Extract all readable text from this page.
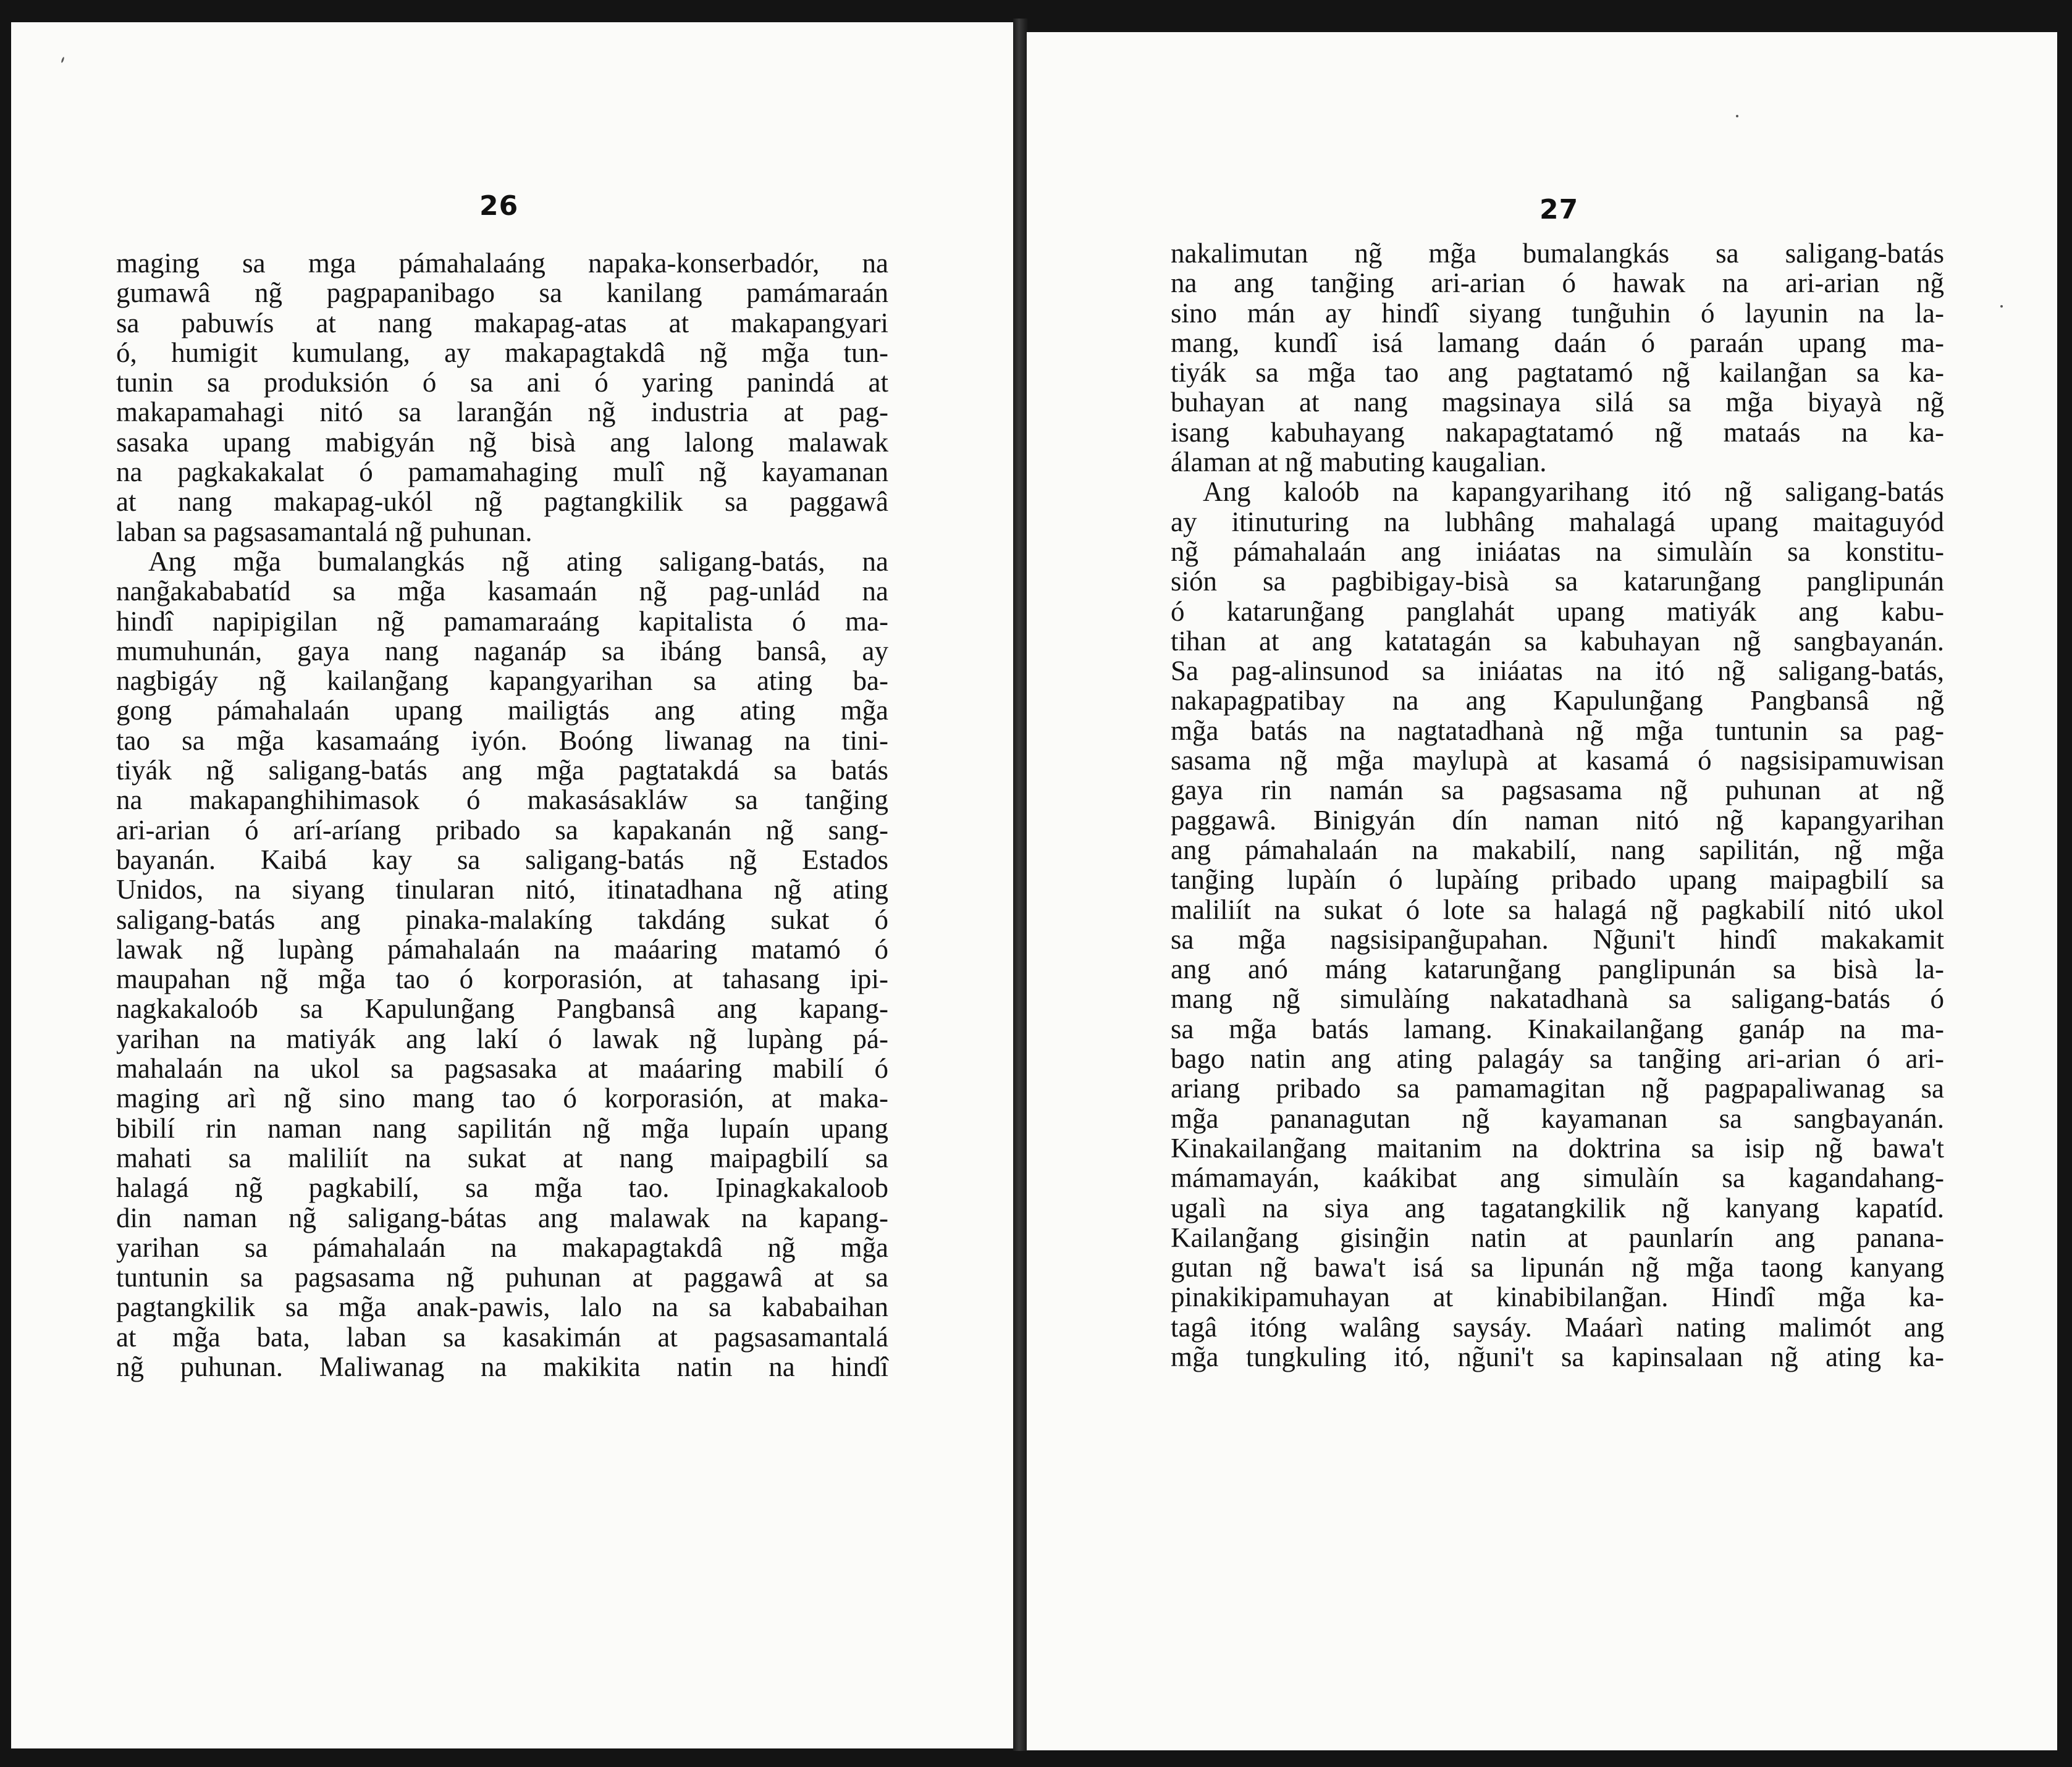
26
maging sa mga pámahalaáng napaka-konserbadór, na
gumawâ ng̃ pagpapanibago sa kanilang pamámaraán
sa pabuwís at nang makapag-atas at makapangyari
ó, humigit kumulang, ay makapagtakdâ ng̃ mg̃a tun-
tunin sa produksión ó sa ani ó yaring panindá at
makapamahagi nitó sa larang̃án ng̃ industria at pag-
sasaka upang mabigyán ng̃ bisà ang lalong malawak
na pagkakakalat ó pamamahaging mulî ng̃ kayamanan
at nang makapag-ukól ng̃ pagtangkilik sa paggawâ
laban sa pagsasamantalá ng̃ puhunan.
Ang mg̃a bumalangkás ng̃ ating saligang-batás, na
nang̃akababatíd sa mg̃a kasamaán ng̃ pag-unlád na
hindî napipigilan ng̃ pamamaraáng kapitalista ó ma-
mumuhunán, gaya nang naganáp sa ibáng bansâ, ay
nagbigáy ng̃ kailang̃ang kapangyarihan sa ating ba-
gong pámahalaán upang mailigtás ang ating mg̃a
tao sa mg̃a kasamaáng iyón. Boóng liwanag na tini-
tiyák ng̃ saligang-batás ang mg̃a pagtatakdá sa batás
na makapanghihimasok ó makasásakláw sa tang̃ing
ari-arian ó arí-aríang pribado sa kapakanán ng̃ sang-
bayanán. Kaibá kay sa saligang-batás ng̃ Estados
Unidos, na siyang tinularan nitó, itinatadhana ng̃ ating
saligang-batás ang pinaka-malakíng takdáng sukat ó
lawak ng̃ lupàng pámahalaán na maáaring matamó ó
maupahan ng̃ mg̃a tao ó korporasión, at tahasang ipi-
nagkakaloób sa Kapulung̃ang Pangbansâ ang kapang-
yarihan na matiyák ang lakí ó lawak ng̃ lupàng pá-
mahalaán na ukol sa pagsasaka at maáaring mabilí ó
maging arì ng̃ sino mang tao ó korporasión, at maka-
bibilí rin naman nang sapilitán ng̃ mg̃a lupaín upang
mahati sa maliliít na sukat at nang maipagbilí sa
halagá ng̃ pagkabilí, sa mg̃a tao. Ipinagkakaloob
din naman ng̃ saligang-bátas ang malawak na kapang-
yarihan sa pámahalaán na makapagtakdâ ng̃ mg̃a
tuntunin sa pagsasama ng̃ puhunan at paggawâ at sa
pagtangkilik sa mg̃a anak-pawis, lalo na sa kababaihan
at mg̃a bata, laban sa kasakimán at pagsasamantalá
ng̃ puhunan. Maliwanag na makikita natin na hindî
27
nakalimutan ng̃ mg̃a bumalangkás sa saligang-batás
na ang tang̃ing ari-arian ó hawak na ari-arian ng̃
sino mán ay hindî siyang tung̃uhin ó layunin na la-
mang, kundî isá lamang daán ó paraán upang ma-
tiyák sa mg̃a tao ang pagtatamó ng̃ kailang̃an sa ka-
buhayan at nang magsinaya silá sa mg̃a biyayà ng̃
isang kabuhayang nakapagtatamó ng̃ mataás na ka-
álaman at ng̃ mabuting kaugalian.
Ang kaloób na kapangyarihang itó ng̃ saligang-batás
ay itinuturing na lubhâng mahalagá upang maitaguyód
ng̃ pámahalaán ang iniáatas na simulàín sa konstitu-
sión sa pagbibigay-bisà sa katarung̃ang panglipunán
ó katarung̃ang panglahát upang matiyák ang kabu-
tihan at ang katatagán sa kabuhayan ng̃ sangbayanán.
Sa pag-alinsunod sa iniáatas na itó ng̃ saligang-batás,
nakapagpatibay na ang Kapulung̃ang Pangbansâ ng̃
mg̃a batás na nagtatadhanà ng̃ mg̃a tuntunin sa pag-
sasama ng̃ mg̃a maylupà at kasamá ó nagsisipamuwisan
gaya rin namán sa pagsasama ng̃ puhunan at ng̃
paggawâ. Binigyán dín naman nitó ng̃ kapangyarihan
ang pámahalaán na makabilí, nang sapilitán, ng̃ mg̃a
tang̃ing lupàín ó lupàíng pribado upang maipagbilí sa
maliliít na sukat ó lote sa halagá ng̃ pagkabilí nitó ukol
sa mg̃a nagsisipang̃upahan. Ng̃uni't hindî makakamit
ang anó máng katarung̃ang panglipunán sa bisà la-
mang ng̃ simulàíng nakatadhanà sa saligang-batás ó
sa mg̃a batás lamang. Kinakailang̃ang ganáp na ma-
bago natin ang ating palagáy sa tang̃ing ari-arian ó ari-
ariang pribado sa pamamagitan ng̃ pagpapaliwanag sa
mg̃a pananagutan ng̃ kayamanan sa sangbayanán.
Kinakailang̃ang maitanim na doktrina sa isip ng̃ bawa't
mámamayán, kaákibat ang simulàín sa kagandahang-
ugalì na siya ang tagatangkilik ng̃ kanyang kapatíd.
Kailang̃ang gising̃in natin at paunlarín ang panana-
gutan ng̃ bawa't isá sa lipunán ng̃ mg̃a taong kanyang
pinakikipamuhayan at kinabibilang̃an. Hindî mg̃a ka-
tagâ itóng walâng saysáy. Maáarì nating malimót ang
mg̃a tungkuling itó, ng̃uni't sa kapinsalaan ng̃ ating ka-
